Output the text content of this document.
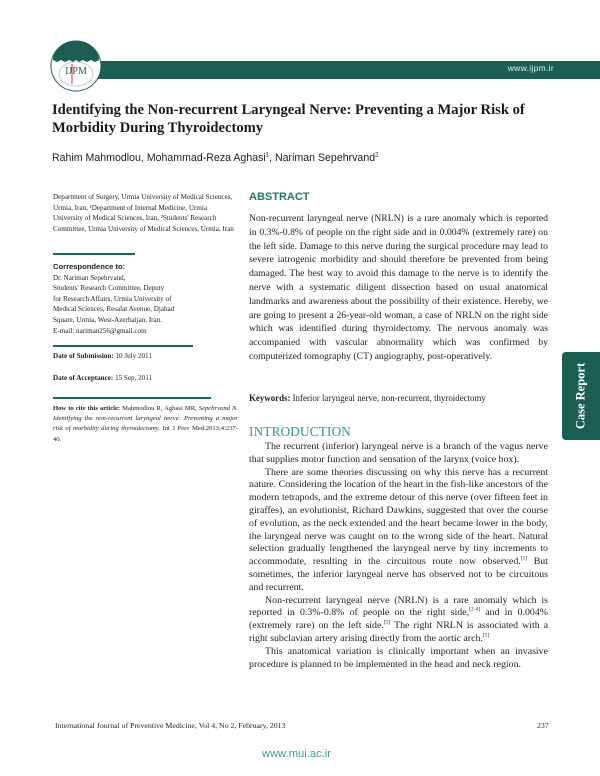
www.ijpm.ir
IJPM
Identifying the Non-recurrent Laryngeal Nerve: Preventing a Major Risk of Morbidity During Thyroidectomy
Rahim Mahmodlou, Mohammad-Reza Aghasi$^1$, Nariman Sepehrvand$^2$
Department of Surgery, Urmia University of Medical Sciences, Urmia, Iran, ¹Department of Internal Medicine, Urmia University of Medical Sciences, Iran, ²Students' Research Committee, Urmia University of Medical Sciences, Urmia, Iran
Correspondence to:
Dr. Nariman Sepehrvand,
Students' Research Committee, Deputy
for Research Affairs, Urmia University of
Medical Sciences, Resalat Avenue, Djahad
Square, Urmia, West-Azerbaijan, Iran.
E-mail: nariman256@gmail.com
Date of Submission: 10 July 2011
Date of Acceptance: 15 Sep, 2011
How to cite this article: Mahmodlou R, Aghasi MR, Sepehrvand N. Identifying the non-recurrent laryngeal nerve: Preventing a major risk of morbidity during thyroidectomy. Int J Prev Med.2013;4:237-40.
ABSTRACT
Non-recurrent laryngeal nerve (NRLN) is a rare anomaly which is reported in 0.3%-0.8% of people on the right side and in 0.004% (extremely rare) on the left side. Damage to this nerve during the surgical procedure may lead to severe iatrogenic morbidity and should therefore be prevented from being damaged. The best way to avoid this damage to the nerve is to identify the nerve with a systematic diligent dissection based on usual anatomical landmarks and awareness about the possibility of their existence. Hereby, we are going to present a 26-year-old woman, a case of NRLN on the right side which was identified during thyroidectomy. The nervous anomaly was accompanied with vascular abnormality which was confirmed by computerized tomography (CT) angiography, post-operatively.
Keywords: Inferior laryngeal nerve, non-recurrent, thyroidectomy	Case Report
INTRODUCTION

The recurrent (inferior) laryngeal nerve is a branch of the vagus nerve that supplies motor function and sensation of the larynx (voice box).

There are some theories discussing on why this nerve has a recurrent nature. Considering the location of the heart in the fish-like ancestors of the modern tetrapods, and the extreme detour of this nerve (over fifteen feet in giraffes), an evolutionist, Richard Dawkins, suggested that over the course of evolution, as the neck extended and the heart became lower in the body, the laryngeal nerve was caught on to the wrong side of the heart. Natural selection gradually lengthened the laryngeal nerve by tiny increments to accommodate, resulting in the circuitous route now observed.[1] But sometimes, the inferior laryngeal nerve has observed not to be circuitous and recurrent.

Non-recurrent laryngeal nerve (NRLN) is a rare anomaly which is reported in 0.3%-0.8% of people on the right side,[2-4] and in 0.004% (extremely rare) on the left side.[5] The right NRLN is associated with a right subclavian artery arising directly from the aortic arch.[5]

This anatomical variation is clinically important when an invasive procedure is planned to be implemented in the head and neck region.

International Journal of Preventive Medicine, Vol 4, No 2, February, 2013	237
www.mui.ac.ir
